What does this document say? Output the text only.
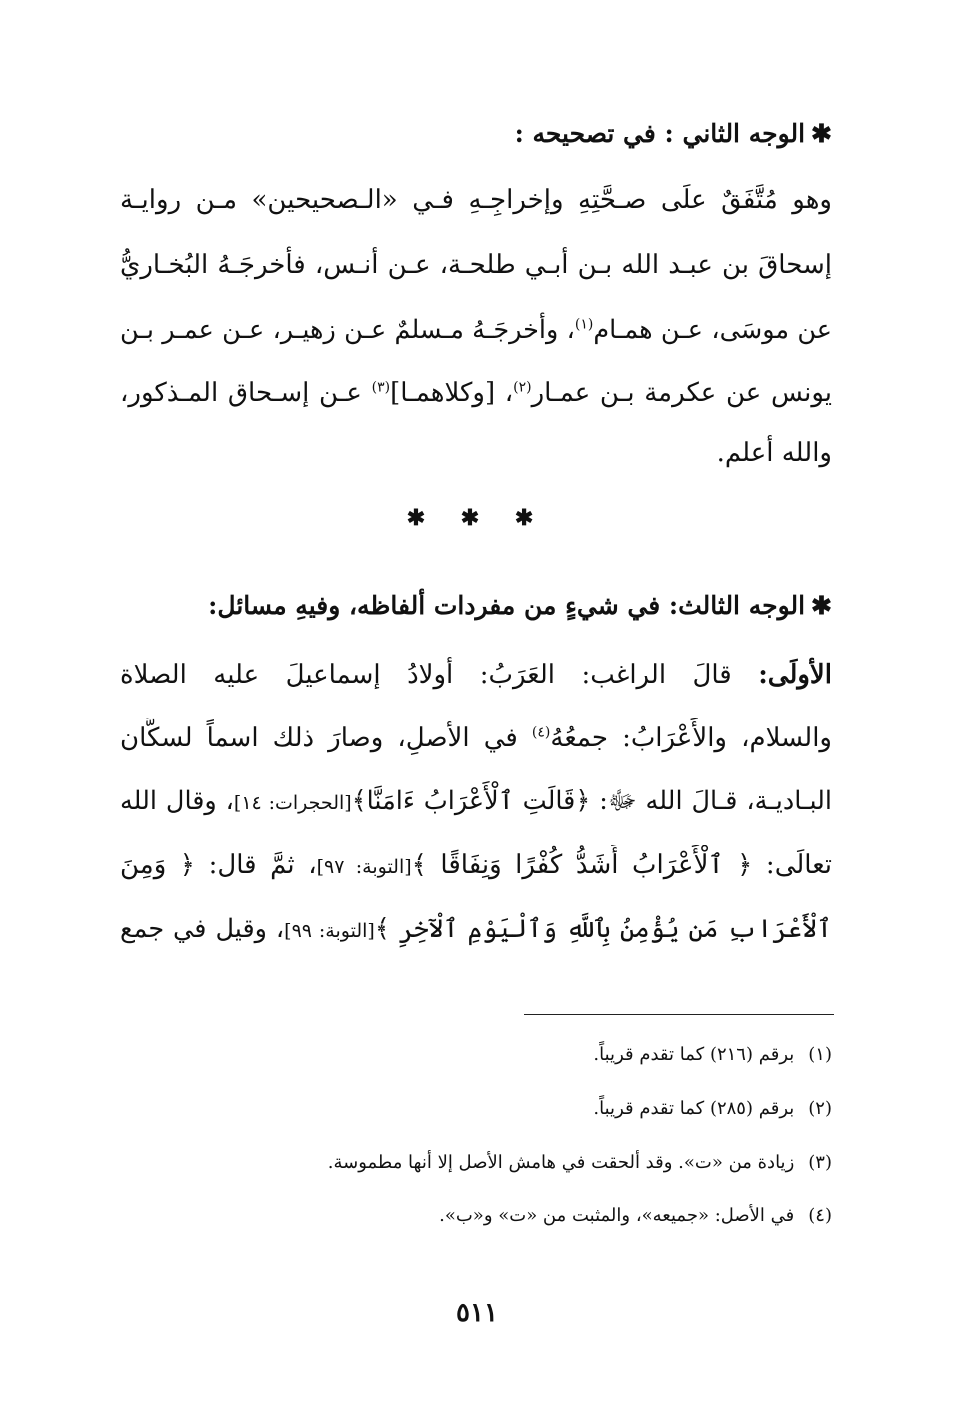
✱الوجه الثاني : في تصحيحه :
وهو مُتَّفَقٌ علَى صـحَّتِهِ وإخراجِـهِ فـي «الـصحيحين» مـن روايـة
إسحاقَ بن عبـد الله بـن أبـي طلحـة، عـن أنـس، فأخرجَـهُ البُخـاريُّ
عن موسَى، عـن همـام$^{(١)}$، وأخرجَـهُ مـسلمٌ عـن زهيـر، عـن عمـر بـن
يونس عن عكرمة بـن عمـار$^{(٢)}$، [وكلاهمـا]$^{(٣)}$ عـن إسـحاق المـذكور،
والله أعلم.
✱ ✱ ✱
✱الوجه الثالث: في شيءٍ من مفردات ألفاظه، وفيهِ مسائل:
الأولَى: قالَ الراغب: العَرَبُ: أولادُ إسماعيلَ عليه الصلاة
والسلام، والأَعْرَابُ: جمعُهُ$^{(٤)}$ في الأصلِ، وصارَ ذلك اسماً لسكَّان
البـاديـة، قـالَ الله ﷻ: ﴿قَالَتِ ٱلْأَعْرَابُ ءَامَنَّا﴾[الحجرات: ١٤]، وقال الله
تعالَى: ﴿ ٱلْأَعْرَابُ أَشَدُّ كُفْرًا وَنِفَاقًا ﴾[التوبة: ٩٧]، ثمَّ قال: ﴿ وَمِنَ
ٱلْأَعْرَابِ مَن يُؤْمِنُ بِٱللَّهِ وَٱلْيَوْمِ ٱلْآخِرِ ﴾[التوبة: ٩٩]، وقيل في جمع
(١)برقم (٢١٦) كما تقدم قريباً.
(٢)برقم (٢٨٥) كما تقدم قريباً.
(٣)زيادة من «ت». وقد ألحقت في هامش الأصل إلا أنها مطموسة.
(٤)في الأصل: «جميعه»، والمثبت من «ت» و«ب».
٥١١
